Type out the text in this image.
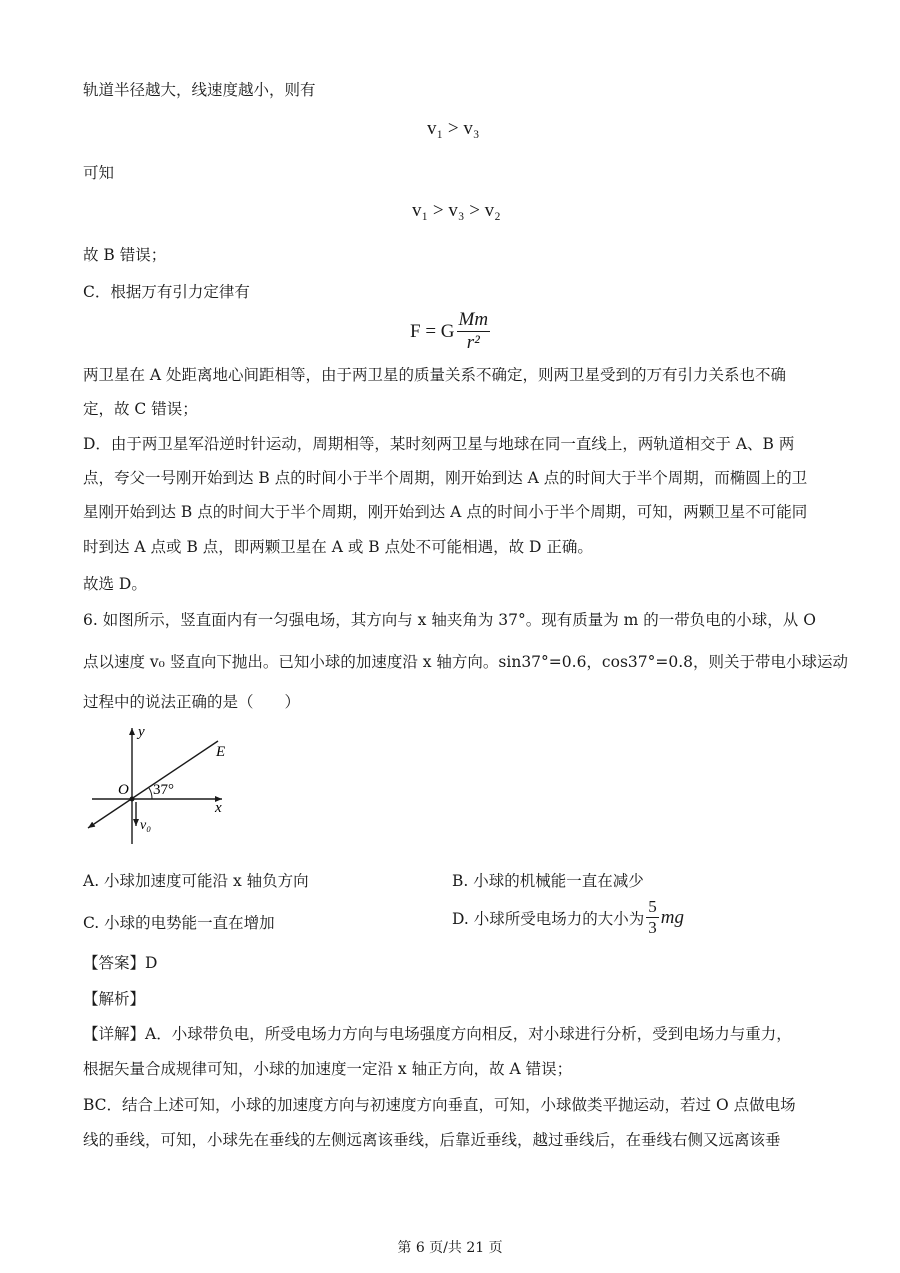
轨道半径越大，线速度越小，则有
v₁ > v₃
可知
v₁ > v₃ > v₂
故 B 错误；
C．根据万有引力定律有
F = G $\frac{Mm}{\text{r²}}$
两卫星在 A 处距离地心间距相等，由于两卫星的质量关系不确定，则两卫星受到的万有引力关系也不确
定，故 C 错误；
D．由于两卫星军沿逆时针运动，周期相等，某时刻两卫星与地球在同一直线上，两轨道相交于 A、B 两
点，夸父一号刚开始到达 B 点的时间小于半个周期，刚开始到达 A 点的时间大于半个周期，而椭圆上的卫
星刚开始到达 B 点的时间大于半个周期，刚开始到达 A 点的时间小于半个周期，可知，两颗卫星不可能同
时到达 A 点或 B 点，即两颗卫星在 A 或 B 点处不可能相遇，故 D 正确。
故选 D。
6. 如图所示，竖直面内有一匀强电场，其方向与 x 轴夹角为 37°。现有质量为 m 的一带负电的小球，从 O
点以速度 v₀ 竖直向下抛出。已知小球的加速度沿 x 轴方向。sin37°=0.6，cos37°=0.8，则关于带电小球运动
过程中的说法正确的是（　　）
y
x
E
O 37°
v₀
A. 小球加速度可能沿 x 轴负方向	B. 小球的机械能一直在减少
C. 小球的电势能一直在增加	D. 小球所受电场力的大小为 $\frac{5}{3}$ mg
【答案】D
【解析】
【详解】A．小球带负电，所受电场力方向与电场强度方向相反，对小球进行分析，受到电场力与重力，
根据矢量合成规律可知，小球的加速度一定沿 x 轴正方向，故 A 错误；
BC．结合上述可知，小球的加速度方向与初速度方向垂直，可知，小球做类平抛运动，若过 O 点做电场
线的垂线，可知，小球先在垂线的左侧远离该垂线，后靠近垂线，越过垂线后，在垂线右侧又远离该垂
第 6 页/共 21 页
